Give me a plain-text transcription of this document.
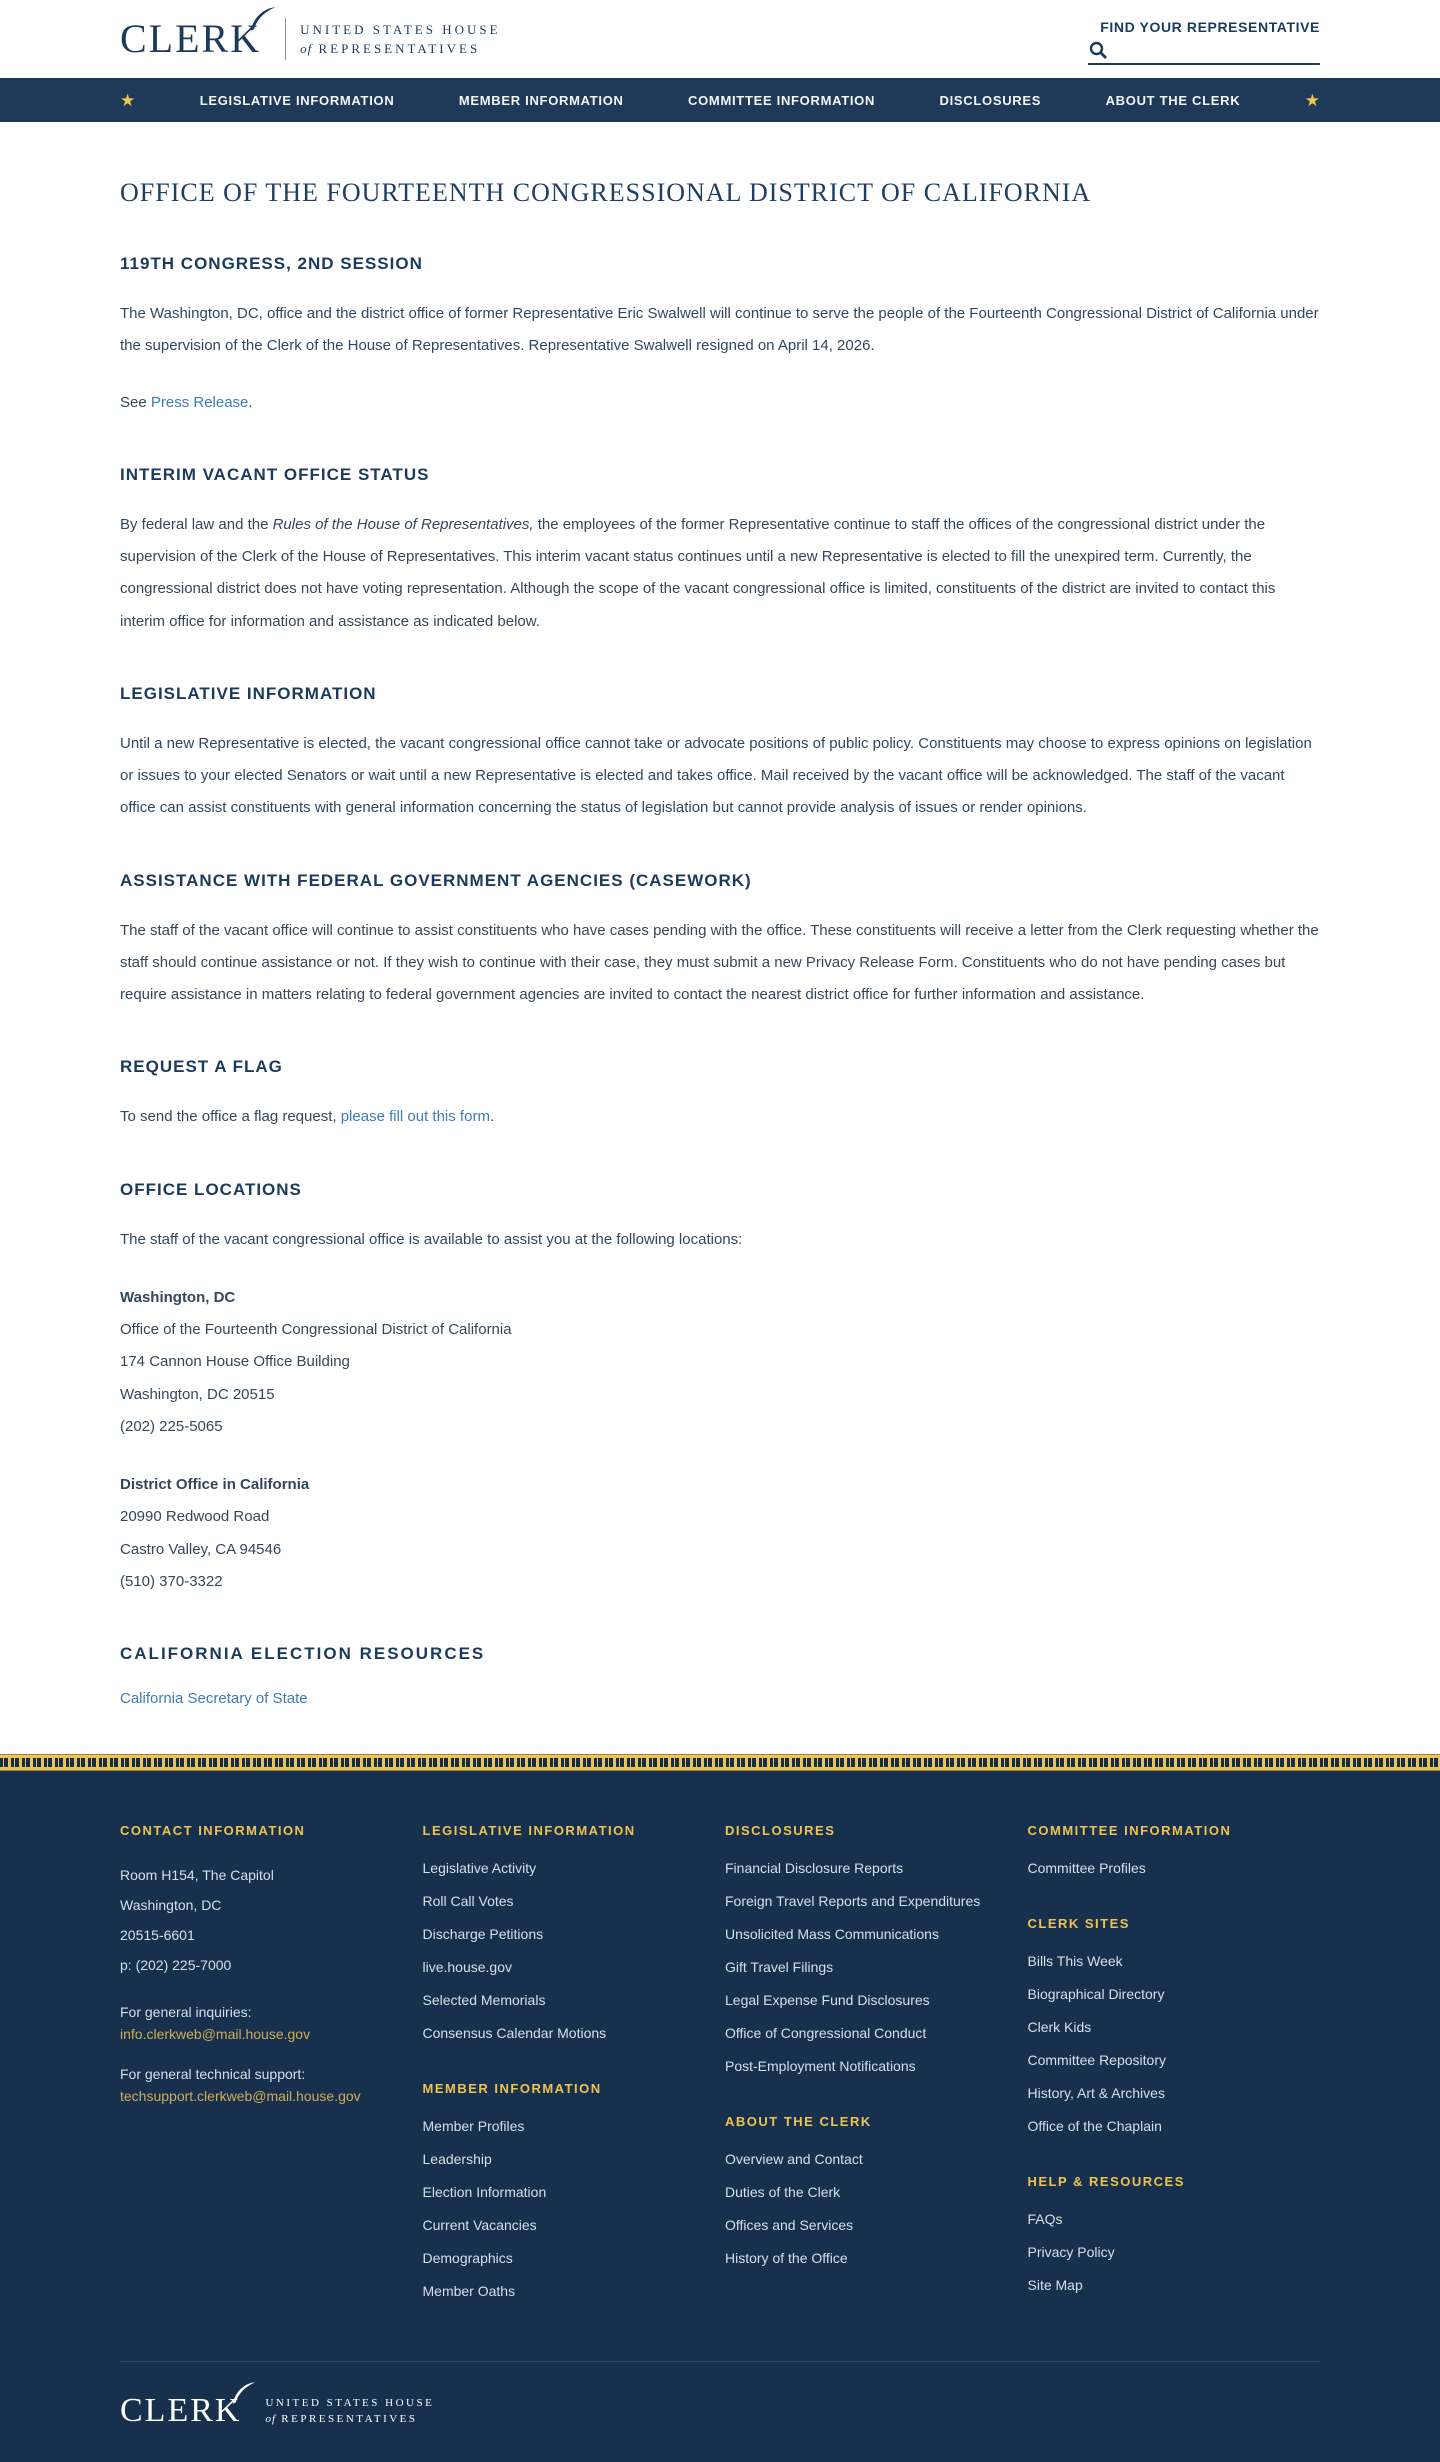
CLERK	UNITED STATES HOUSE
of REPRESENTATIVES
FIND YOUR REPRESENTATIVE
★	LEGISLATIVE INFORMATION	MEMBER INFORMATION	COMMITTEE INFORMATION	DISCLOSURES	ABOUT THE CLERK	★
OFFICE OF THE FOURTEENTH CONGRESSIONAL DISTRICT OF CALIFORNIA
119TH CONGRESS, 2ND SESSION

The Washington, DC, office and the district office of former Representative Eric Swalwell will continue to serve the people of the Fourteenth Congressional District of California under the supervision of the Clerk of the House of Representatives. Representative Swalwell resigned on April 14, 2026.

See Press Release.

INTERIM VACANT OFFICE STATUS

By federal law and the Rules of the House of Representatives, the employees of the former Representative continue to staff the offices of the congressional district under the supervision of the Clerk of the House of Representatives. This interim vacant status continues until a new Representative is elected to fill the unexpired term. Currently, the congressional district does not have voting representation. Although the scope of the vacant congressional office is limited, constituents of the district are invited to contact this interim office for information and assistance as indicated below.

LEGISLATIVE INFORMATION

Until a new Representative is elected, the vacant congressional office cannot take or advocate positions of public policy. Constituents may choose to express opinions on legislation or issues to your elected Senators or wait until a new Representative is elected and takes office. Mail received by the vacant office will be acknowledged. The staff of the vacant office can assist constituents with general information concerning the status of legislation but cannot provide analysis of issues or render opinions.

ASSISTANCE WITH FEDERAL GOVERNMENT AGENCIES (CASEWORK)

The staff of the vacant office will continue to assist constituents who have cases pending with the office. These constituents will receive a letter from the Clerk requesting whether the staff should continue assistance or not. If they wish to continue with their case, they must submit a new Privacy Release Form. Constituents who do not have pending cases but require assistance in matters relating to federal government agencies are invited to contact the nearest district office for further information and assistance.

REQUEST A FLAG

To send the office a flag request, please fill out this form.

OFFICE LOCATIONS

The staff of the vacant congressional office is available to assist you at the following locations:

Washington, DC
Office of the Fourteenth Congressional District of California
174 Cannon House Office Building
Washington, DC 20515
(202) 225-5065
District Office in California
20990 Redwood Road
Castro Valley, CA 94546
(510) 370-3322
CALIFORNIA ELECTION RESOURCES
California Secretary of State
CONTACT INFORMATION
Room H154, The Capitol
Washington, DC
20515-6601
p: (202) 225-7000
For general inquiries:
info.clerkweb@mail.house.gov
For general technical support:
techsupport.clerkweb@mail.house.gov
LEGISLATIVE INFORMATION
Legislative Activity
Roll Call Votes
Discharge Petitions
live.house.gov
Selected Memorials
Consensus Calendar Motions
MEMBER INFORMATION
Member Profiles
Leadership
Election Information
Current Vacancies
Demographics
Member Oaths
DISCLOSURES
Financial Disclosure Reports
Foreign Travel Reports and Expenditures
Unsolicited Mass Communications
Gift Travel Filings
Legal Expense Fund Disclosures
Office of Congressional Conduct
Post-Employment Notifications
ABOUT THE CLERK
Overview and Contact
Duties of the Clerk
Offices and Services
History of the Office
COMMITTEE INFORMATION
Committee Profiles
CLERK SITES
Bills This Week
Biographical Directory
Clerk Kids
Committee Repository
History, Art & Archives
Office of the Chaplain
HELP & RESOURCES
FAQs
Privacy Policy
Site Map
CLERK	UNITED STATES HOUSE
of REPRESENTATIVES
